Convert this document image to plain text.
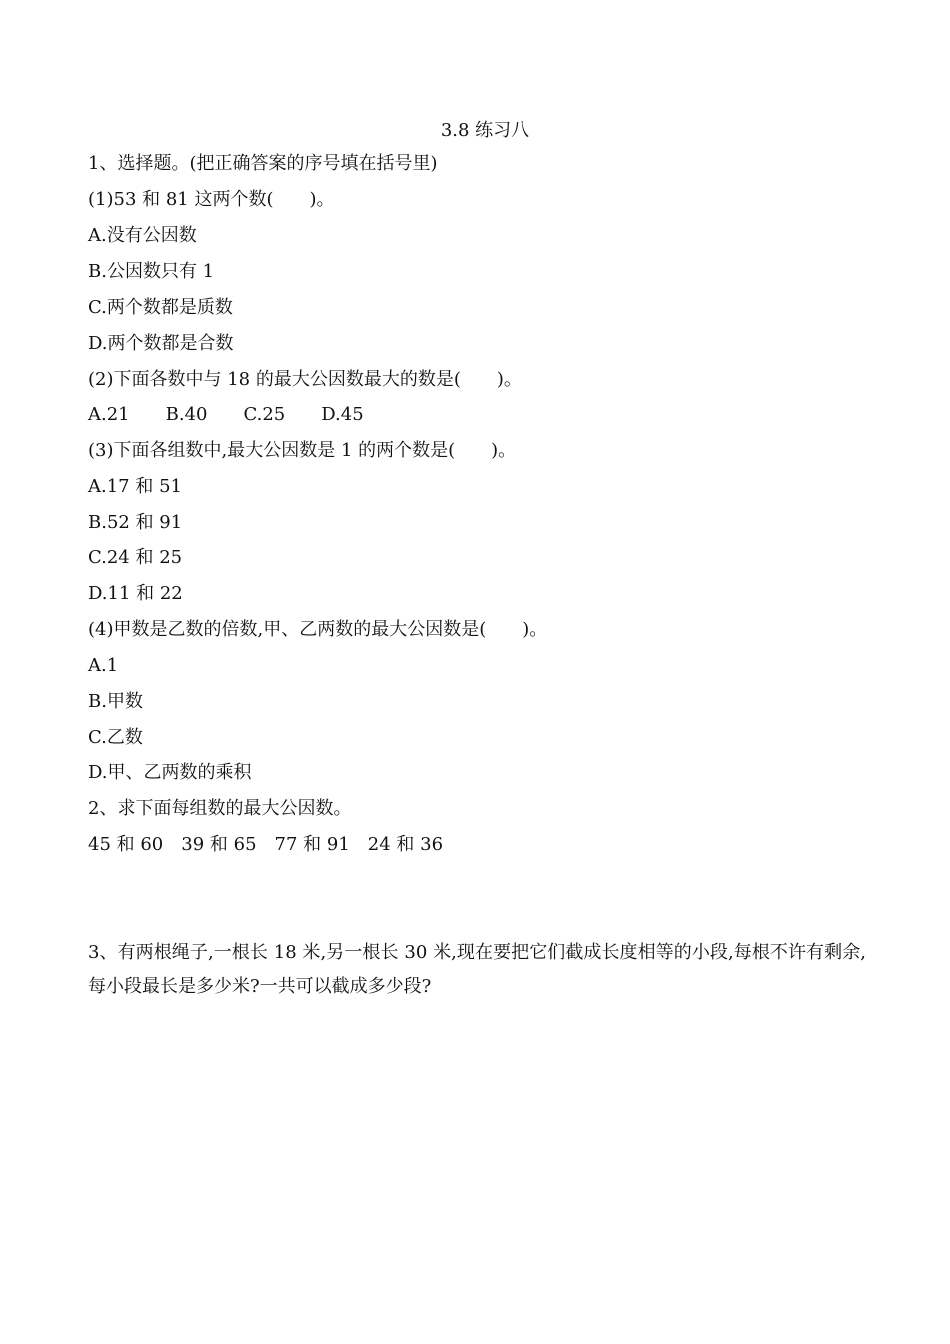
3.8 练习八
1、选择题。(把正确答案的序号填在括号里)
(1)53 和 81 这两个数(　　)。
A.没有公因数
B.公因数只有 1
C.两个数都是质数
D.两个数都是合数
(2)下面各数中与 18 的最大公因数最大的数是(　　)。
A.21 B.40 C.25 D.45
(3)下面各组数中,最大公因数是 1 的两个数是(　　)。
A.17 和 51
B.52 和 91
C.24 和 25
D.11 和 22
(4)甲数是乙数的倍数,甲、乙两数的最大公因数是(　　)。
A.1
B.甲数
C.乙数
D.甲、乙两数的乘积
2、求下面每组数的最大公因数。
45 和 60 39 和 65 77 和 91 24 和 36
3、有两根绳子,一根长 18 米,另一根长 30 米,现在要把它们截成长度相等的小段,每根不许有剩余,每小段最长是多少米?一共可以截成多少段?
